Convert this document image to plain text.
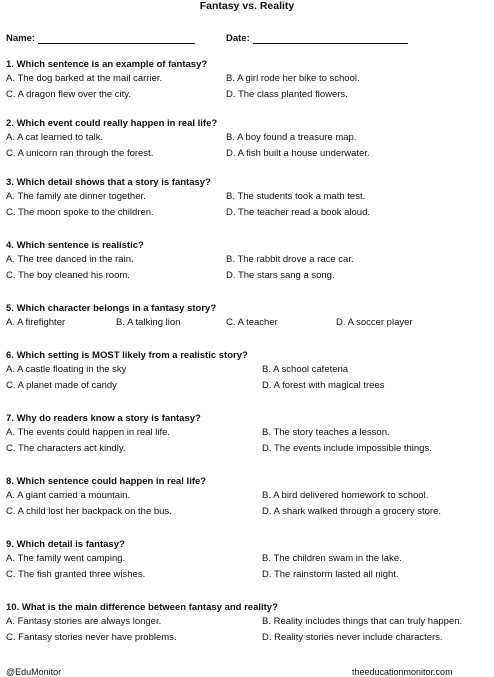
Fantasy vs. Reality
Name:	Date:
1. Which sentence is an example of fantasy?
A. The dog barked at the mail carrier.	B. A girl rode her bike to school.
C. A dragon flew over the city.	D. The class planted flowers.
2. Which event could really happen in real life?
A. A cat learned to talk.	B. A boy found a treasure map.
C. A unicorn ran through the forest.	D. A fish built a house underwater.
3. Which detail shows that a story is fantasy?
A. The family ate dinner together.	B. The students took a math test.
C. The moon spoke to the children.	D. The teacher read a book aloud.
4. Which sentence is realistic?
A. The tree danced in the rain.	B. The rabbit drove a race car.
C. The boy cleaned his room.	D. The stars sang a song.
5. Which character belongs in a fantasy story?
A. A firefighter	B. A talking lion	C. A teacher	D. A soccer player
6. Which setting is MOST likely from a realistic story?
A. A castle floating in the sky	B. A school cafeteria
C. A planet made of candy	D. A forest with magical trees
7. Why do readers know a story is fantasy?
A. The events could happen in real life.	B. The story teaches a lesson.
C. The characters act kindly.	D. The events include impossible things.
8. Which sentence could happen in real life?
A. A giant carried a mountain.	B. A bird delivered homework to school.
C. A child lost her backpack on the bus.	D. A shark walked through a grocery store.
9. Which detail is fantasy?
A. The family went camping.	B. The children swam in the lake.
C. The fish granted three wishes.	D. The rainstorm lasted all night.
10. What is the main difference between fantasy and reality?
A. Fantasy stories are always longer.	B. Reality includes things that can truly happen.
C. Fantasy stories never have problems.	D. Reality stories never include characters.
@EduMonitor	theeducationmonitor.com
